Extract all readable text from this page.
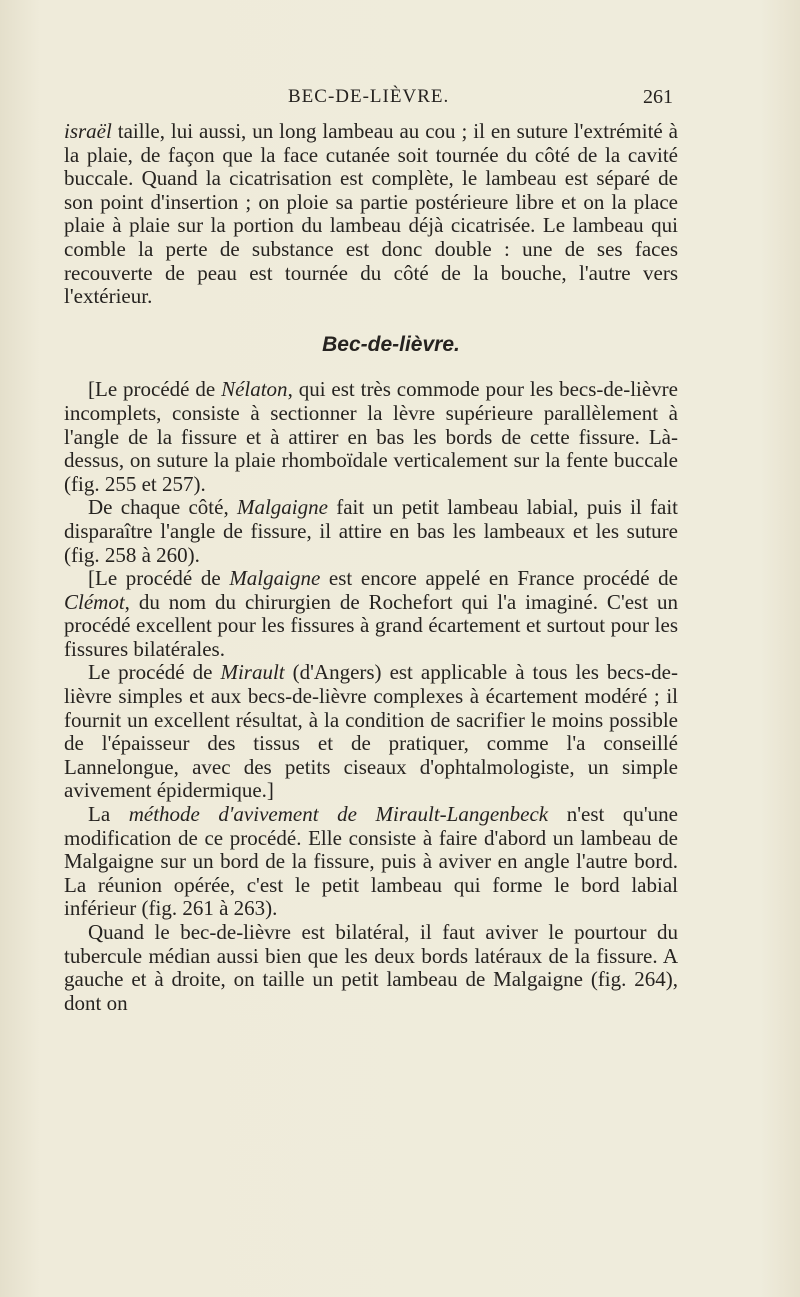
BEC-DE-LIÈVRE.	261

israël taille, lui aussi, un long lambeau au cou ; il en suture l'extrémité à la plaie, de façon que la face cutanée soit tournée du côté de la cavité buccale. Quand la cicatrisation est complète, le lambeau est séparé de son point d'insertion ; on ploie sa partie postérieure libre et on la place plaie à plaie sur la portion du lambeau déjà cicatrisée. Le lambeau qui comble la perte de substance est donc double : une de ses faces recouverte de peau est tournée du côté de la bouche, l'autre vers l'extérieur.

Bec-de-lièvre.

[Le procédé de Nélaton, qui est très commode pour les becs-de-lièvre incomplets, consiste à sectionner la lèvre supérieure parallèlement à l'angle de la fissure et à attirer en bas les bords de cette fissure. Là-dessus, on suture la plaie rhomboïdale verticalement sur la fente buccale (fig. 255 et 257).

De chaque côté, Malgaigne fait un petit lambeau labial, puis il fait disparaître l'angle de fissure, il attire en bas les lambeaux et les suture (fig. 258 à 260).

[Le procédé de Malgaigne est encore appelé en France procédé de Clémot, du nom du chirurgien de Rochefort qui l'a imaginé. C'est un procédé excellent pour les fissures à grand écartement et surtout pour les fissures bilatérales.

Le procédé de Mirault (d'Angers) est applicable à tous les becs-de-lièvre simples et aux becs-de-lièvre complexes à écartement modéré ; il fournit un excellent résultat, à la condition de sacrifier le moins possible de l'épaisseur des tissus et de pratiquer, comme l'a conseillé Lannelongue, avec des petits ciseaux d'ophtalmologiste, un simple avivement épidermique.]

La méthode d'avivement de Mirault-Langenbeck n'est qu'une modification de ce procédé. Elle consiste à faire d'abord un lambeau de Malgaigne sur un bord de la fissure, puis à aviver en angle l'autre bord. La réunion opérée, c'est le petit lambeau qui forme le bord labial inférieur (fig. 261 à 263).

Quand le bec-de-lièvre est bilatéral, il faut aviver le pourtour du tubercule médian aussi bien que les deux bords latéraux de la fissure. A gauche et à droite, on taille un petit lambeau de Malgaigne (fig. 264), dont on
